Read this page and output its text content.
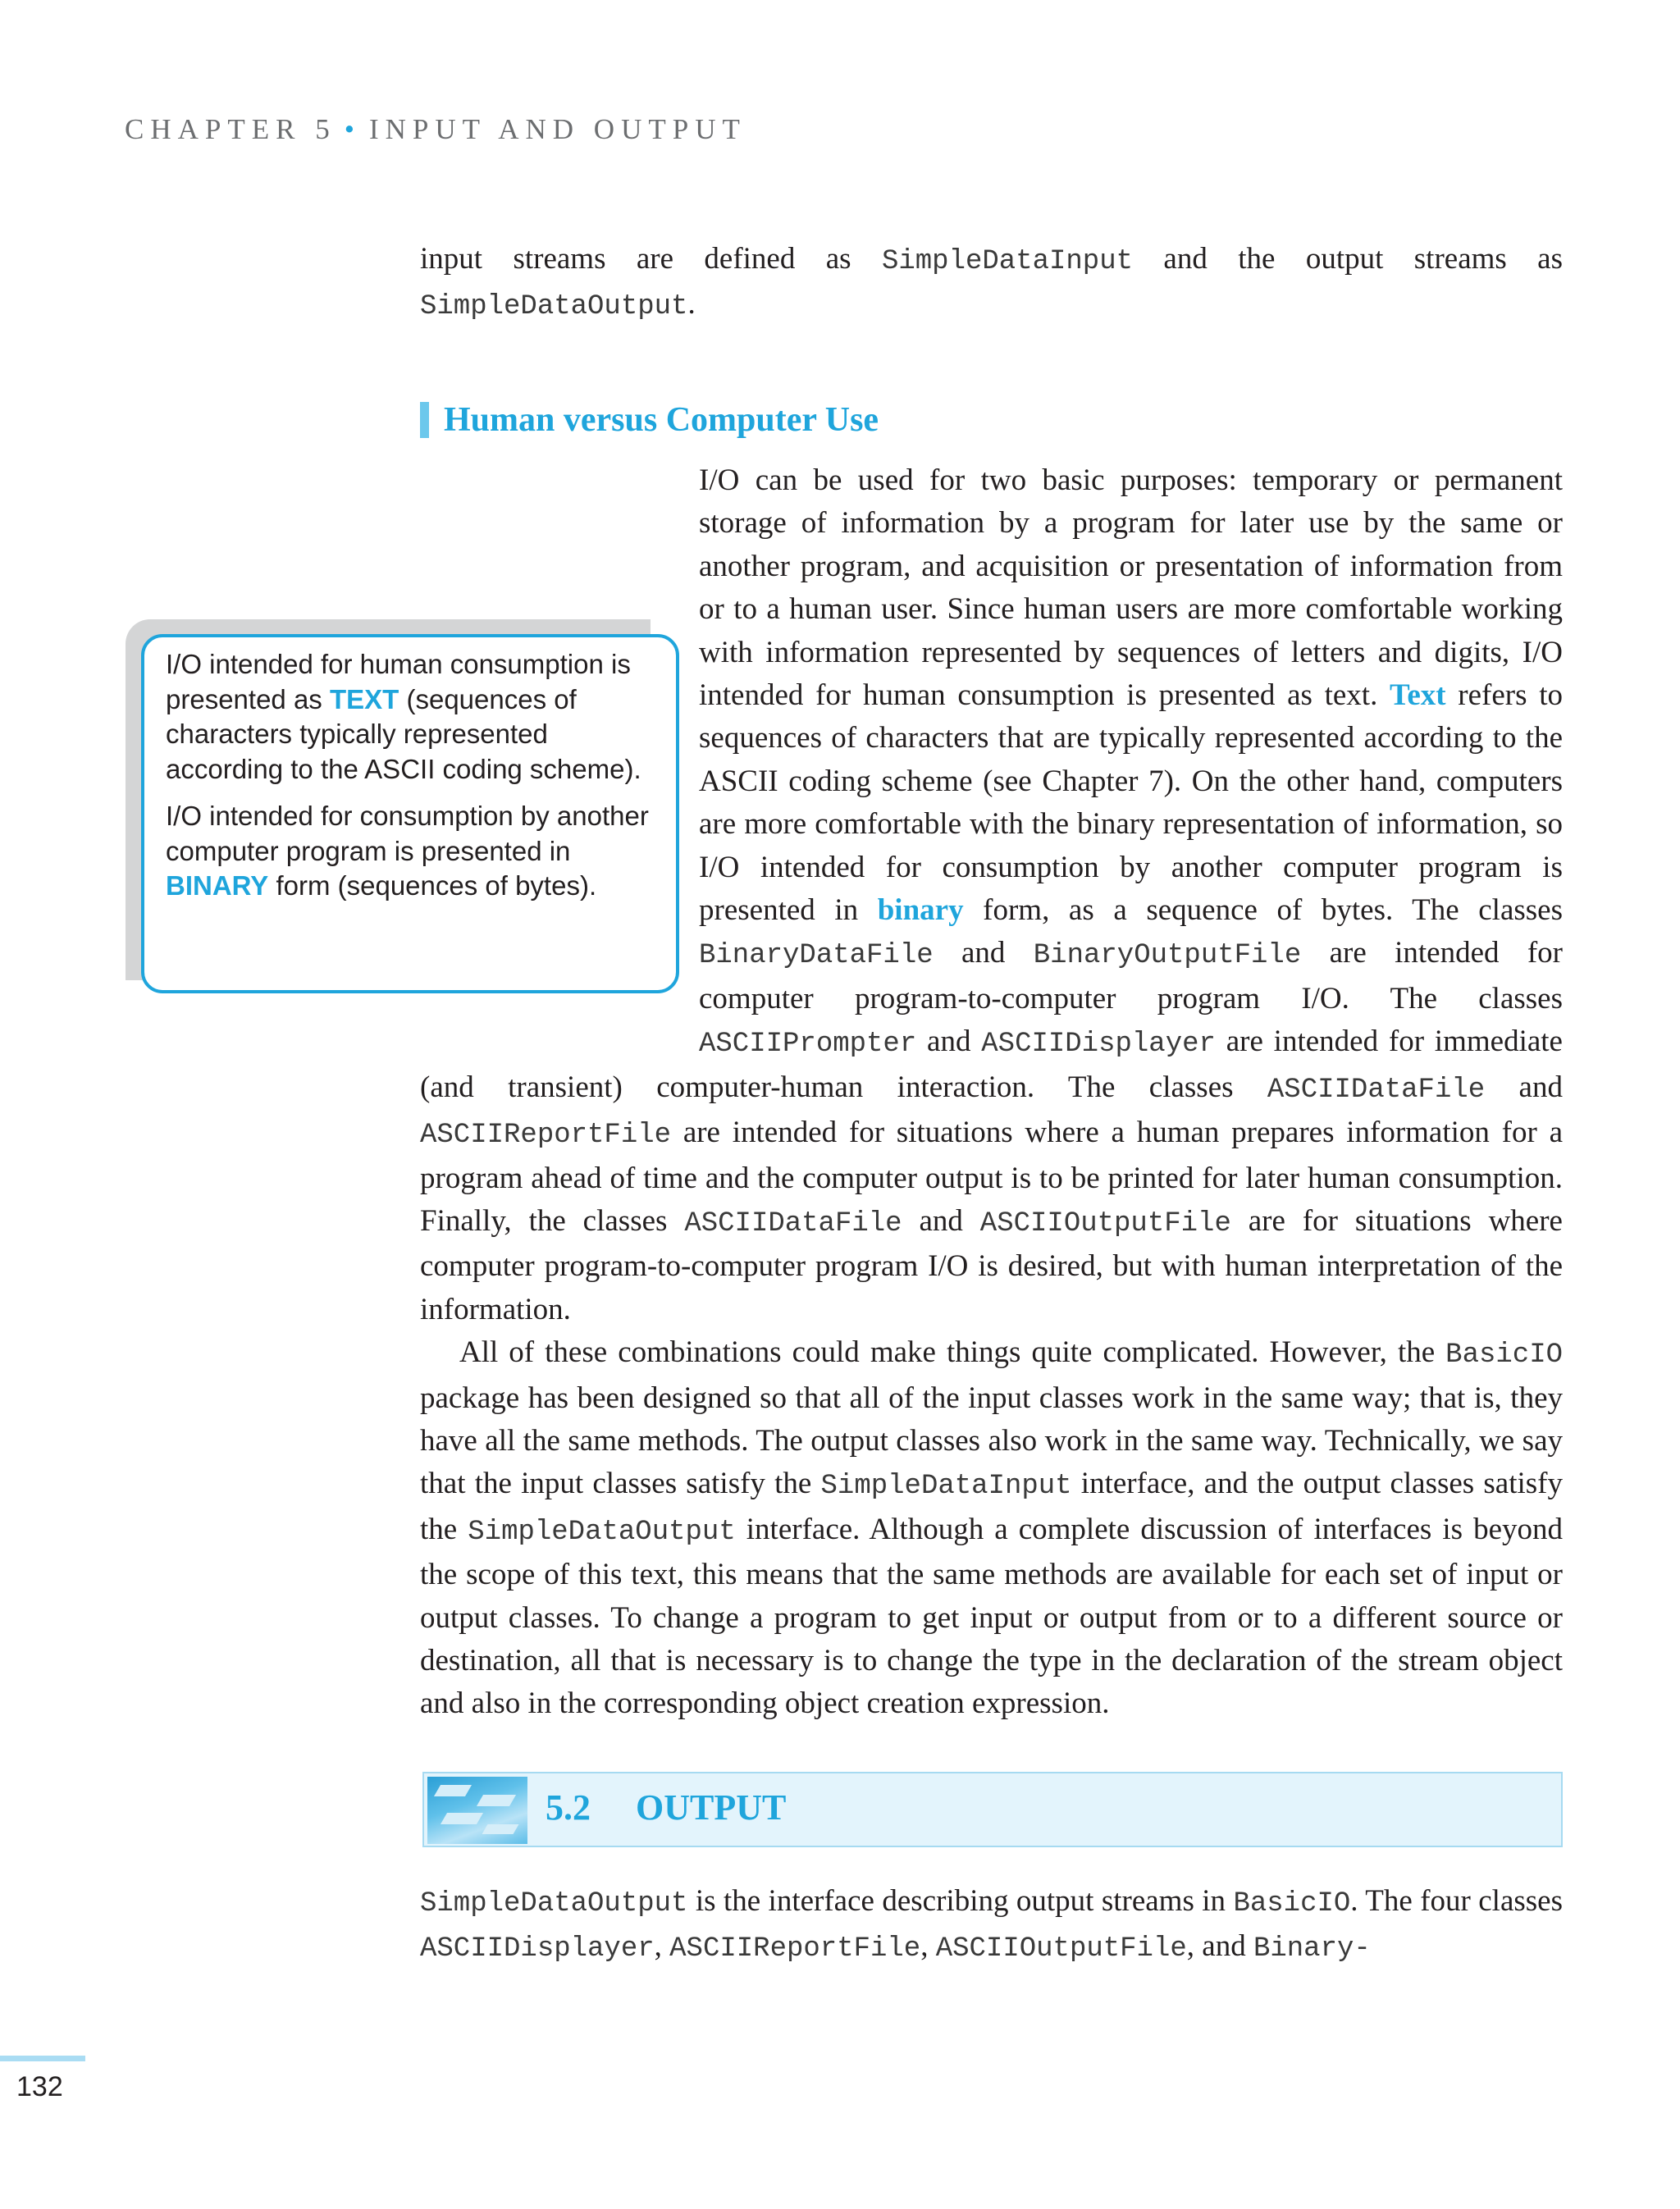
CHAPTER 5 • INPUT AND OUTPUT

input streams are defined as SimpleDataInput and the output streams as SimpleDataOutput.

Human versus Computer Use
I/O can be used for two basic purposes: temporary or permanent storage of information by a program for later use by the same or another program, and acquisition or presentation of information from or to a human user. Since human users are more comfortable working with information represented by sequences of letters and digits, I/O intended for human consumption is presented as text. Text refers to sequences of characters that are typically represented according to the ASCII coding scheme (see Chapter 7). On the other hand, computers are more comfortable with the binary representation of information, so I/O intended for consumption by another computer program is presented in binary form, as a sequence of bytes. The classes BinaryDataFile and BinaryOutputFile are intended for computer program-to-computer program I/O. The classes ASCIIPrompter and ASCIIDisplayer are intended for immediate (and transient) computer-human interaction. The classes ASCIIDataFile and ASCIIReportFile are intended for situations where a human prepares information for a program ahead of time and the computer output is to be printed for later human consumption. Finally, the classes ASCIIDataFile and ASCIIOutputFile are for situations where computer program-to-computer program I/O is desired, but with human interpretation of the information.
All of these combinations could make things quite complicated. However, the BasicIO package has been designed so that all of the input classes work in the same way; that is, they have all the same methods. The output classes also work in the same way. Technically, we say that the input classes satisfy the SimpleDataInput interface, and the output classes satisfy the SimpleDataOutput interface. Although a complete discussion of interfaces is beyond the scope of this text, this means that the same methods are available for each set of input or output classes. To change a program to get input or output from or to a different source or destination, all that is necessary is to change the type in the declaration of the stream object and also in the corresponding object creation expression.

I/O intended for human consumption is presented as TEXT (sequences of characters typically represented according to the ASCII coding scheme).

I/O intended for consumption by another computer program is presented in BINARY form (sequences of bytes).

5.2 OUTPUT

SimpleDataOutput is the interface describing output streams in BasicIO. The four classes ASCIIDisplayer, ASCIIReportFile, ASCIIOutputFile, and Binary-

132
